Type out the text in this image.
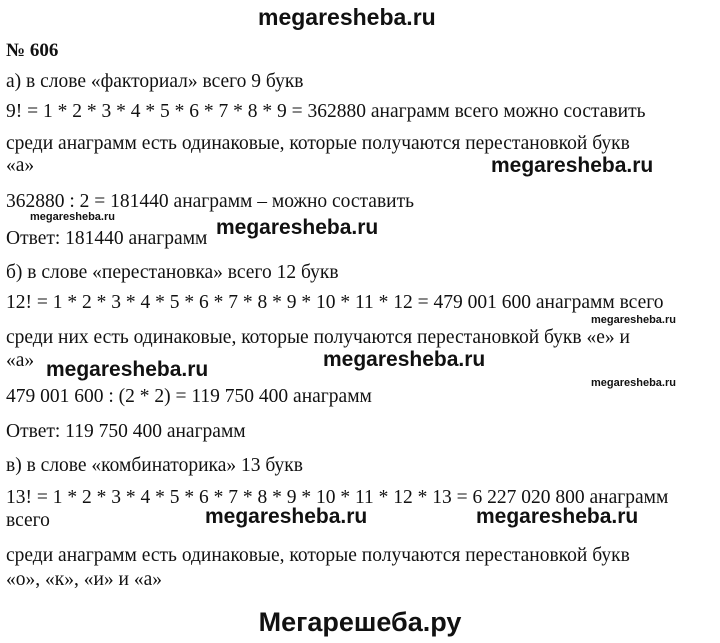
megaresheba.ru
№ 606
а) в слове «факториал» всего 9 букв
9! = 1 * 2 * 3 * 4 * 5 * 6 * 7 * 8 * 9 = 362880 анаграмм всего можно составить
среди анаграмм есть одинаковые, которые получаются перестановкой букв
«а»
362880 : 2 = 181440 анаграмм – можно составить
Ответ: 181440 анаграмм
б) в слове «перестановка» всего 12 букв
12! = 1 * 2 * 3 * 4 * 5 * 6 * 7 * 8 * 9 * 10 * 11 * 12 = 479 001 600 анаграмм всего
среди них есть одинаковые, которые получаются перестановкой букв «е» и
«а»
479 001 600 : (2 * 2) = 119 750 400 анаграмм
Ответ: 119 750 400 анаграмм
в) в слове «комбинаторика» 13 букв
13! = 1 * 2 * 3 * 4 * 5 * 6 * 7 * 8 * 9 * 10 * 11 * 12 * 13 = 6 227 020 800 анаграмм
всего
среди анаграмм есть одинаковые, которые получаются перестановкой букв
«о», «к», «и» и «а»
megaresheba.ru
megaresheba.ru	megaresheba.ru
megaresheba.ru
megaresheba.ru	megaresheba.ru
megaresheba.ru
megaresheba.ru	megaresheba.ru
Мегарешеба.ру
